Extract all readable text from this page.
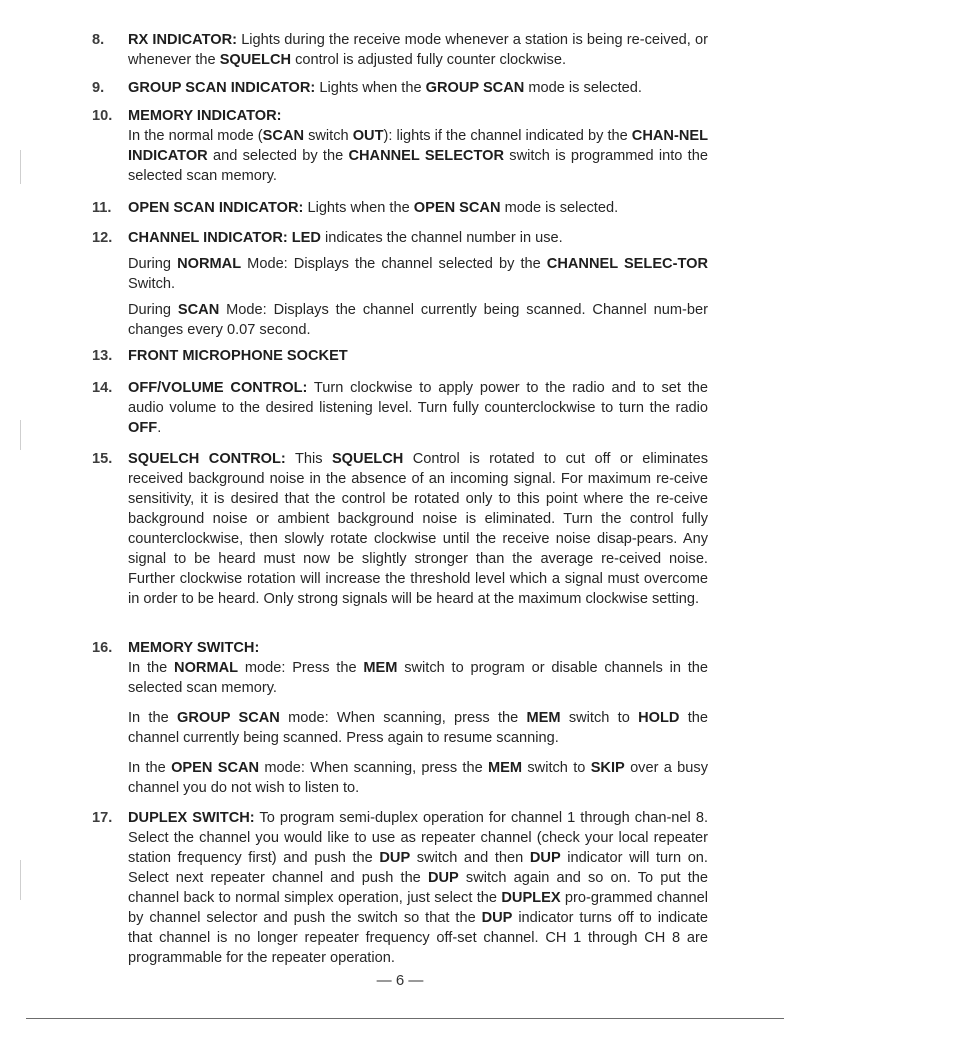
8.	RX INDICATOR: Lights during the receive mode whenever a station is being re-ceived, or whenever the SQUELCH control is adjusted fully counter clockwise.

9.	GROUP SCAN INDICATOR: Lights when the GROUP SCAN mode is selected.

10.	MEMORY INDICATOR:

In the normal mode (SCAN switch OUT): lights if the channel indicated by the CHAN-NEL INDICATOR and selected by the CHANNEL SELECTOR switch is programmed into the selected scan memory.

11.	OPEN SCAN INDICATOR: Lights when the OPEN SCAN mode is selected.

12.	CHANNEL INDICATOR: LED indicates the channel number in use.

During NORMAL Mode: Displays the channel selected by the CHANNEL SELEC-TOR Switch.

During SCAN Mode: Displays the channel currently being scanned. Channel num-ber changes every 0.07 second.

13.	FRONT MICROPHONE SOCKET

14.	OFF/VOLUME CONTROL: Turn clockwise to apply power to the radio and to set the audio volume to the desired listening level. Turn fully counterclockwise to turn the radio OFF.

15.	SQUELCH CONTROL: This SQUELCH Control is rotated to cut off or eliminates received background noise in the absence of an incoming signal. For maximum re-ceive sensitivity, it is desired that the control be rotated only to this point where the re-ceive background noise or ambient background noise is eliminated. Turn the control fully counterclockwise, then slowly rotate clockwise until the receive noise disap-pears. Any signal to be heard must now be slightly stronger than the average re-ceived noise. Further clockwise rotation will increase the threshold level which a signal must overcome in order to be heard. Only strong signals will be heard at the maximum clockwise setting.

16.	MEMORY SWITCH:

In the NORMAL mode: Press the MEM switch to program or disable channels in the selected scan memory.

In the GROUP SCAN mode: When scanning, press the MEM switch to HOLD the channel currently being scanned. Press again to resume scanning.

In the OPEN SCAN mode: When scanning, press the MEM switch to SKIP over a busy channel you do not wish to listen to.

17.	DUPLEX SWITCH: To program semi-duplex operation for channel 1 through chan-nel 8. Select the channel you would like to use as repeater channel (check your local repeater station frequency first) and push the DUP switch and then DUP indicator will turn on. Select next repeater channel and push the DUP switch again and so on. To put the channel back to normal simplex operation, just select the DUPLEX pro-grammed channel by channel selector and push the switch so that the DUP indicator turns off to indicate that channel is no longer repeater frequency off-set channel. CH 1 through CH 8 are programmable for the repeater operation.

— 6 —
